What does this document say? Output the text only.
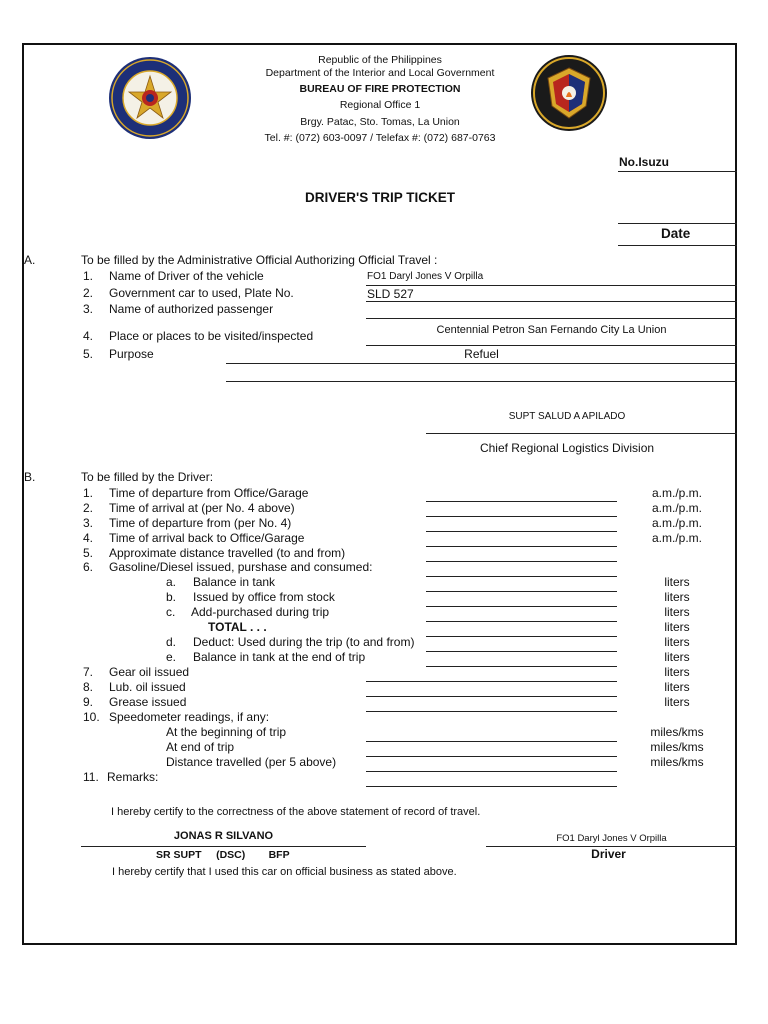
Republic of the Philippines
Department of the Interior and Local Government
BUREAU OF FIRE PROTECTION
Regional Office 1
Brgy. Patac, Sto. Tomas, La Union
Tel. #: (072) 603-0097 / Telefax #: (072) 687-0763
No.Isuzu
DRIVER'S TRIP TICKET
Date
A.	To be filled by the Administrative Official Authorizing Official Travel :
1. Name of Driver of the vehicle	FO1 Daryl Jones V Orpilla
2. Government car to used, Plate No.	SLD 527
3. Name of authorized passenger
4. Place or places to be visited/inspected	Centennial Petron San Fernando City La Union
5. Purpose	Refuel
SUPT SALUD A APILADO
Chief Regional Logistics Division
B.	To be filled by the Driver:
1. Time of departure from Office/Garage	a.m./p.m.
2. Time of arrival at (per No. 4 above)	a.m./p.m.
3. Time of departure from (per No. 4)	a.m./p.m.
4. Time of arrival back to Office/Garage	a.m./p.m.
5. Approximate distance travelled (to and from)
6. Gasoline/Diesel issued, purshase and consumed:
a. Balance in tank	liters
b. Issued by office from stock	liters
c. Add-purchased during trip	liters
TOTAL . . .	liters
d. Deduct: Used during the trip (to and from)	liters
e. Balance in tank at the end of trip	liters
7. Gear oil issued	liters
8. Lub. oil issued	liters
9. Grease issued	liters
10. Speedometer readings, if any:
At the beginning of trip	miles/kms
At end of trip	miles/kms
Distance travelled (per 5 above)	miles/kms
11. Remarks:
I hereby certify to the correctness of the above statement of record of travel.
JONAS R SILVANO
SR SUPT     (DSC)        BFP
FO1 Daryl Jones V Orpilla
Driver
I hereby certify that I used this car on official business as stated above.
